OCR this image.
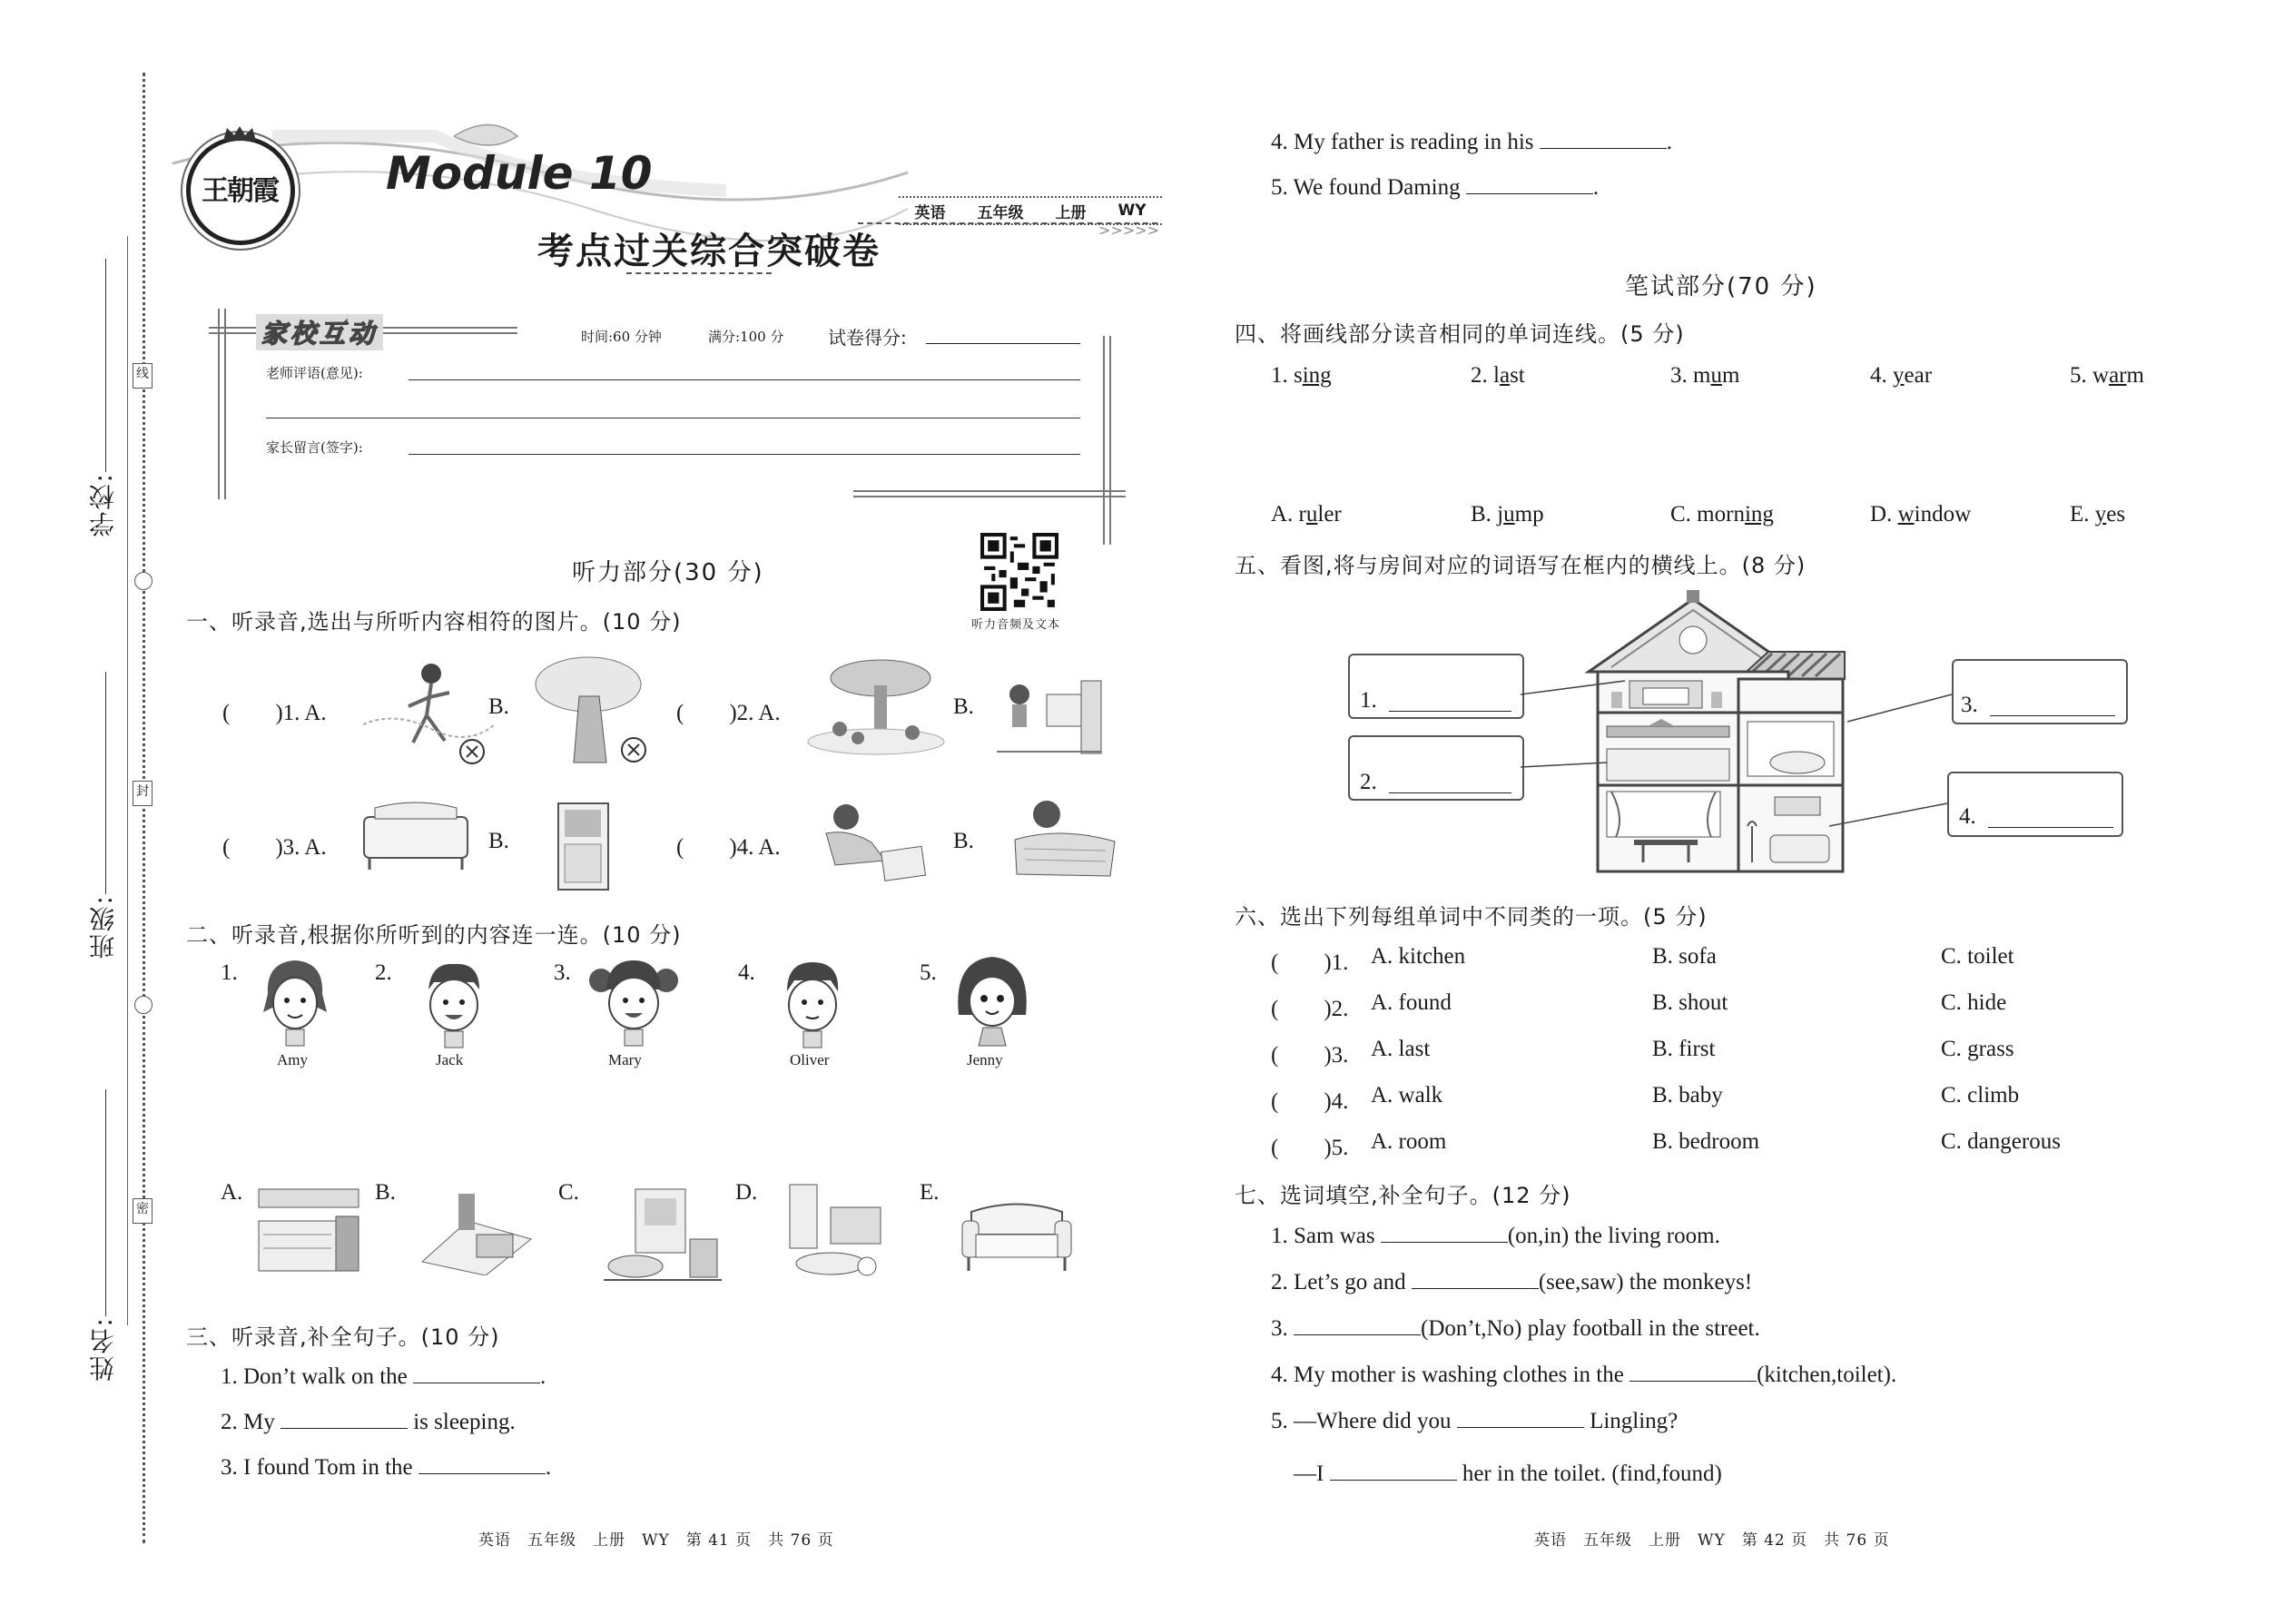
线
封
密
学校:
班级:
姓名:
王朝霞 Module 10
考点过关综合突破卷
英语 五年级 上册 WY
>>>>>
家校互动	时间:60 分钟	满分:100 分 试卷得分:
老师评语(意见):
家长留言(签字):
听力音频及文本
听力部分(30 分)
一、听录音,选出与所听内容相符的图片。(10 分)
(　　)1. A.	B.	(　　)2. A.	B.
(　　)3. A.	B.	(　　)4. A.	B.
二、听录音,根据你所听到的内容连一连。(10 分)
1.
Amy
2.
Jack
3.
Mary
4.
Oliver
5.
Jenny
A.	B.	C.	D.	E.
三、听录音,补全句子。(10 分)
1. Don’t walk on the	.
2. My	is sleeping.
3. I found Tom in the	.
4. My father is reading in his	.
5. We found Daming	.
笔试部分(70 分)
四、将画线部分读音相同的单词连线。(5 分)
1. sing	2. last	3. mum	4. year	5. warm
A. ruler	B. jump	C. morning	D. window	E. yes
五、看图,将与房间对应的词语写在框内的横线上。(8 分)
1.
2.
3.
4.
六、选出下列每组单词中不同类的一项。(5 分)
(　　)1. A. kitchen	B. sofa	C. toilet
(　　)2. A. found	B. shout	C. hide
(　　)3. A. last	B. first	C. grass
(　　)4. A. walk	B. baby	C. climb
(　　)5. A. room	B. bedroom	C. dangerous
七、选词填空,补全句子。(12 分)
1. Sam was	(on,in) the living room.
2. Let’s go and	(see,saw) the monkeys!
3.	(Don’t,No) play football in the street.
4. My mother is washing clothes in the	(kitchen,toilet).
5. —Where did you	Lingling?
　—I	her in the toilet. (find,found)
英语　五年级　上册　WY　第 41 页　共 76 页	英语　五年级　上册　WY　第 42 页　共 76 页
